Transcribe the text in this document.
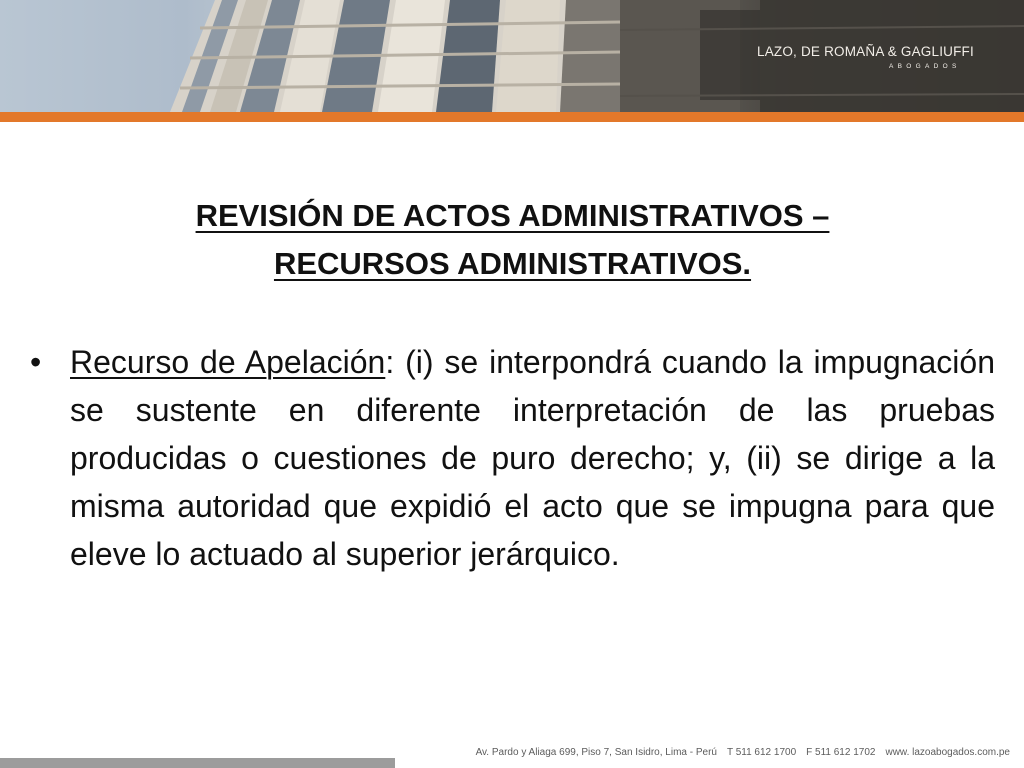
LAZO, DE ROMAÑA & GAGLIUFFI
ABOGADOS
REVISIÓN DE ACTOS ADMINISTRATIVOS –
RECURSOS ADMINISTRATIVOS.
• Recurso de Apelación: (i) se interpondrá cuando la impugnación se sustente en diferente interpretación de las pruebas producidas o cuestiones de puro derecho; y, (ii) se dirige a la misma autoridad que expidió el acto que se impugna para que eleve lo actuado al superior jerárquico.
Av. Pardo y Aliaga 699, Piso 7, San Isidro, Lima - Perú T 511 612 1700 F 511 612 1702 www. lazoabogados.com.pe
